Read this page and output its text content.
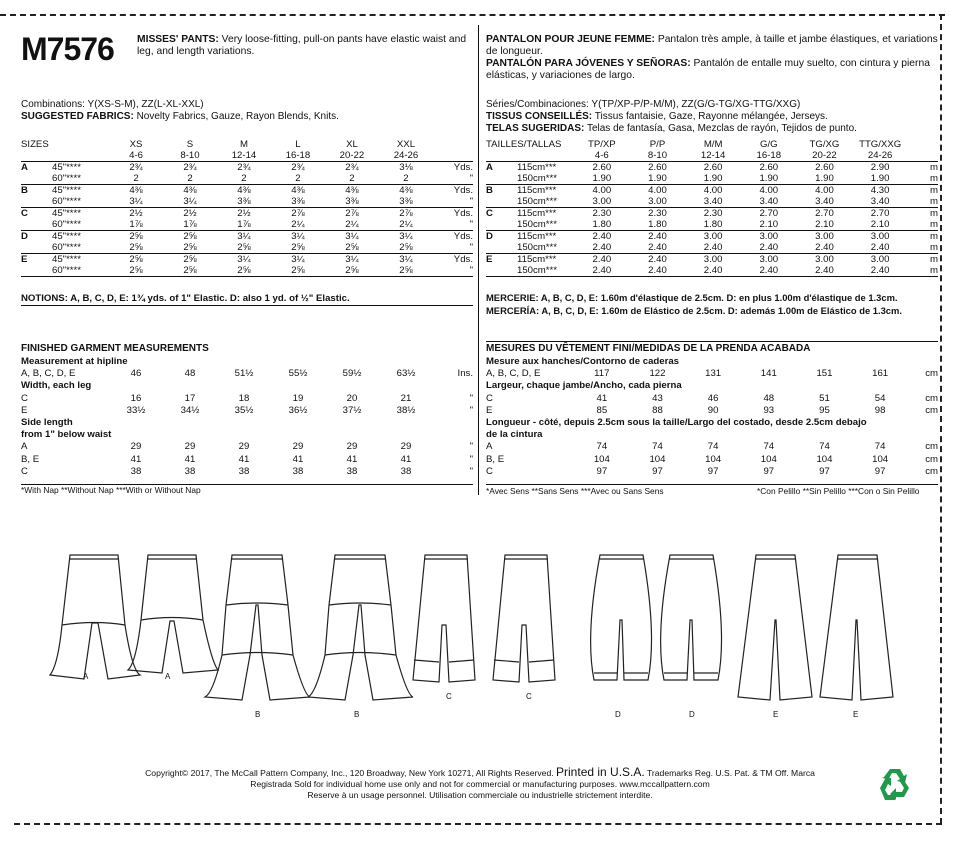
M7576 MISSES' PANTS: Very loose-fitting, pull-on pants have elastic waist and leg, and length variations.
Combinations: Y(XS-S-M), ZZ(L-XL-XXL)
SUGGESTED FABRICS: Novelty Fabrics, Gauze, Rayon Blends, Knits.
SIZES		XS	S	M	L	XL	XXL	
		4-6	8-10	12-14	16-18	20-22	24-26	
A	45"****	2¾	2¾	2¾	2¾	2¾	3⅛	Yds.
	60"****	2	2	2	2	2	2	"
B	45"****	4⅜	4⅜	4⅜	4⅜	4⅜	4⅜	Yds.
	60"****	3¼	3¼	3⅜	3⅜	3⅜	3⅜	"
C	45"****	2½	2½	2½	2⅞	2⅞	2⅞	Yds.
	60"****	1⅞	1⅞	1⅞	2¼	2¼	2¼	"
D	45"****	2⅝	2⅝	3¼	3¼	3¼	3¼	Yds.
	60"****	2⅝	2⅝	2⅝	2⅝	2⅝	2⅝	"
E	45"****	2⅝	2⅝	3¼	3¼	3¼	3¼	Yds.
	60"****	2⅝	2⅝	2⅝	2⅝	2⅝	2⅝	"
NOTIONS: A, B, C, D, E: 1¾ yds. of 1" Elastic. D: also 1 yd. of ½" Elastic.
FINISHED GARMENT MEASUREMENTS
Measurement at hipline							
A, B, C, D, E	46	48	51½	55½	59½	63½	Ins.
Width, each leg							
C	16	17	18	19	20	21	"
E	33½	34½	35½	36½	37½	38½	"
Side length							
from 1" below waist							
A	29	29	29	29	29	29	"
B, E	41	41	41	41	41	41	"
C	38	38	38	38	38	38	"
*With Nap **Without Nap ***With or Without Nap
PANTALON POUR JEUNE FEMME: Pantalon très ample, à taille et jambe élastiques, et variations de longueur.
PANTALÓN PARA JÓVENES Y SEÑORAS: Pantalón de entalle muy suelto, con cintura y pierna elásticas, y variaciones de largo.
Séries/Combinaciones: Y(TP/XP-P/P-M/M), ZZ(G/G-TG/XG-TTG/XXG)
TISSUS CONSEILLÉS: Tissus fantaisie, Gaze, Rayonne mélangée, Jerseys.
TELAS SUGERIDAS: Telas de fantasía, Gasa, Mezclas de rayón, Tejidos de punto.
TAILLES/TALLAS		TP/XP	P/P	M/M	G/G	TG/XG	TTG/XXG	
		4-6	8-10	12-14	16-18	20-22	24-26	
A	115cm***	2.60	2.60	2.60	2.60	2.60	2.90	m
	150cm***	1.90	1.90	1.90	1.90	1.90	1.90	m
B	115cm***	4.00	4.00	4.00	4.00	4.00	4.30	m
	150cm***	3.00	3.00	3.40	3.40	3.40	3.40	m
C	115cm***	2.30	2.30	2.30	2.70	2.70	2.70	m
	150cm***	1.80	1.80	1.80	2.10	2.10	2.10	m
D	115cm***	2.40	2.40	3.00	3.00	3.00	3.00	m
	150cm***	2.40	2.40	2.40	2.40	2.40	2.40	m
E	115cm***	2.40	2.40	3.00	3.00	3.00	3.00	m
	150cm***	2.40	2.40	2.40	2.40	2.40	2.40	m
MERCERIE: A, B, C, D, E: 1.60m d'élastique de 2.5cm. D: en plus 1.00m d'élastique de 1.3cm.
MERCERÍA: A, B, C, D, E: 1.60m de Elástico de 2.5cm. D: además 1.00m de Elástico de 1.3cm.
MESURES DU VÊTEMENT FINI/MEDIDAS DE LA PRENDA ACABADA
Mesure aux hanches/Contorno de caderas							
A, B, C, D, E	117	122	131	141	151	161	cm
Largeur, chaque jambe/Ancho, cada pierna							
C	41	43	46	48	51	54	cm
E	85	88	90	93	95	98	cm
Longueur - côté, depuis 2.5cm sous la taille/Largo del costado, desde 2.5cm debajo							
de la cintura							
A	74	74	74	74	74	74	cm
B, E	104	104	104	104	104	104	cm
C	97	97	97	97	97	97	cm
*Avec Sens **Sans Sens ***Avec ou Sans Sens	*Con Pelillo **Sin Pelillo ***Con o Sin Pelillo
A	A
B	B
C	C
D	D	E	E
Copyright© 2017, The McCall Pattern Company, Inc., 120 Broadway, New York 10271, All Rights Reserved. Printed in U.S.A. Trademarks Reg. U.S. Pat. & TM Off. Marca
Registrada Sold for individual home use only and not for commercial or manufacturing purposes. www.mccallpattern.com
Reserve à un usage personnel. Utilisation commerciale ou industrielle strictement interdite.
